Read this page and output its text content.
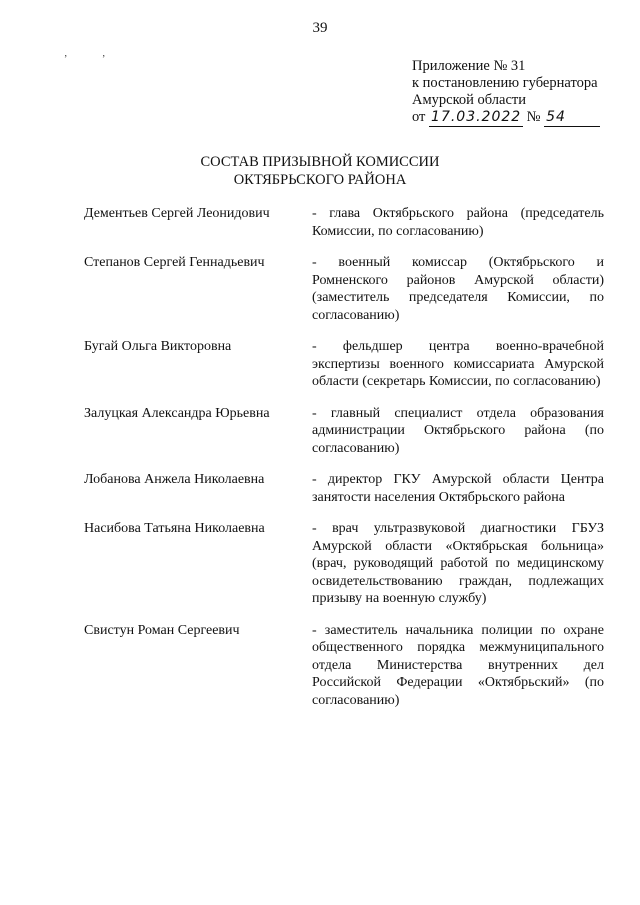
39
’	’	Приложение № 31
к постановлению губернатора
Амурской области
от 17.03.2022 № 54
СОСТАВ ПРИЗЫВНОЙ КОМИССИИ
ОКТЯБРЬСКОГО РАЙОНА
Дементьев Сергей Леонидович	- глава Октябрьского района (председатель Комиссии, по согласованию)
Степанов Сергей Геннадьевич	- военный комиссар (Октябрьского и Ромненского районов Амурской области) (заместитель председателя Комиссии, по согласованию)
Бугай Ольга Викторовна	- фельдшер центра военно-врачебной экспертизы военного комиссариата Амурской области (секретарь Комиссии, по согласованию)
Залуцкая Александра Юрьевна	- главный специалист отдела образования администрации Октябрьского района (по согласованию)
Лобанова Анжела Николаевна	- директор ГКУ Амурской области Центра занятости населения Октябрьского района
Насибова Татьяна Николаевна	- врач ультразвуковой диагностики ГБУЗ Амурской области «Октябрьская больница» (врач, руководящий работой по медицинскому освидетельствованию граждан, подлежащих призыву на военную службу)
Свистун Роман Сергеевич	- заместитель начальника полиции по охране общественного порядка межмуниципального отдела Министерства внутренних дел Российской Федерации «Октябрьский» (по согласованию)
